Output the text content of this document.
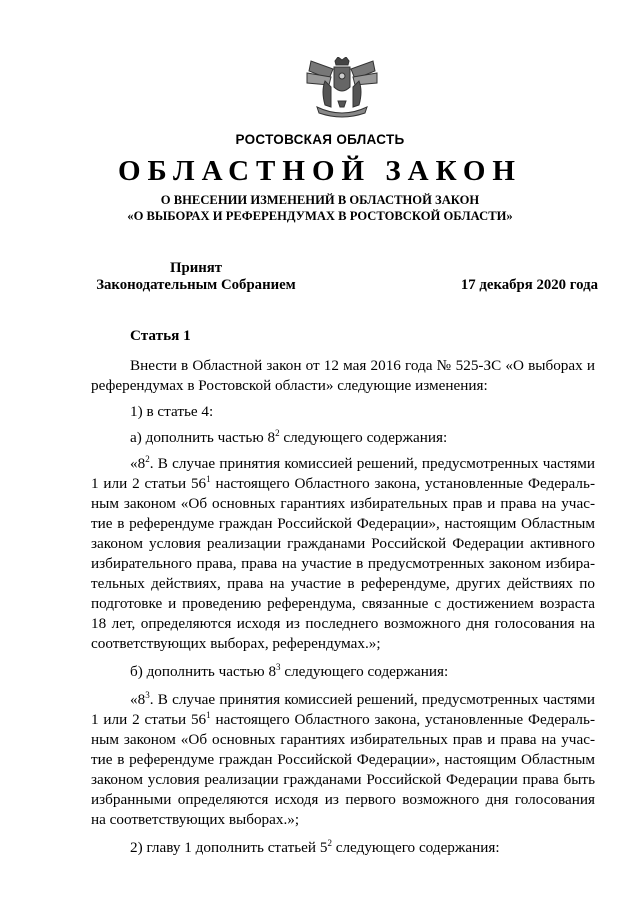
РОСТОВСКАЯ ОБЛАСТЬ
ОБЛАСТНОЙ ЗАКОН
О ВНЕСЕНИИ ИЗМЕНЕНИЙ В ОБЛАСТНОЙ ЗАКОН
«О ВЫБОРАХ И РЕФЕРЕНДУМАХ В РОСТОВСКОЙ ОБЛАСТИ»
Принят
Законодательным Собранием	17 декабря 2020 года
Статья 1

Внести в Областной закон от 12 мая 2016 года № 525-ЗС «О выборах и референдумах в Ростовской области» следующие изменения:

1) в статье 4:

а) дополнить частью $8^2$ следующего содержания:

«$8^2$. В случае принятия комиссией решений, предусмотренных частями 1 или 2 статьи $56^1$ настоящего Областного закона, установленные Федеральным законом «Об основных гарантиях избирательных прав и права на участие в референдуме граждан Российской Федерации», настоящим Областным законом условия реализации гражданами Российской Федерации активного избирательного права, права на участие в предусмотренных законом избирательных действиях, права на участие в референдуме, других действиях по подготовке и проведению референдума, связанные с достижением возраста 18 лет, определяются исходя из последнего возможного дня голосования на соответствующих выборах, референдумах.»;

б) дополнить частью $8^3$ следующего содержания:

«$8^3$. В случае принятия комиссией решений, предусмотренных частями 1 или 2 статьи $56^1$ настоящего Областного закона, установленные Федеральным законом «Об основных гарантиях избирательных прав и права на участие в референдуме граждан Российской Федерации», настоящим Областным законом условия реализации гражданами Российской Федерации права быть избранными определяются исходя из первого возможного дня голосования на соответствующих выборах.»;

2) главу 1 дополнить статьей $5^2$ следующего содержания:
